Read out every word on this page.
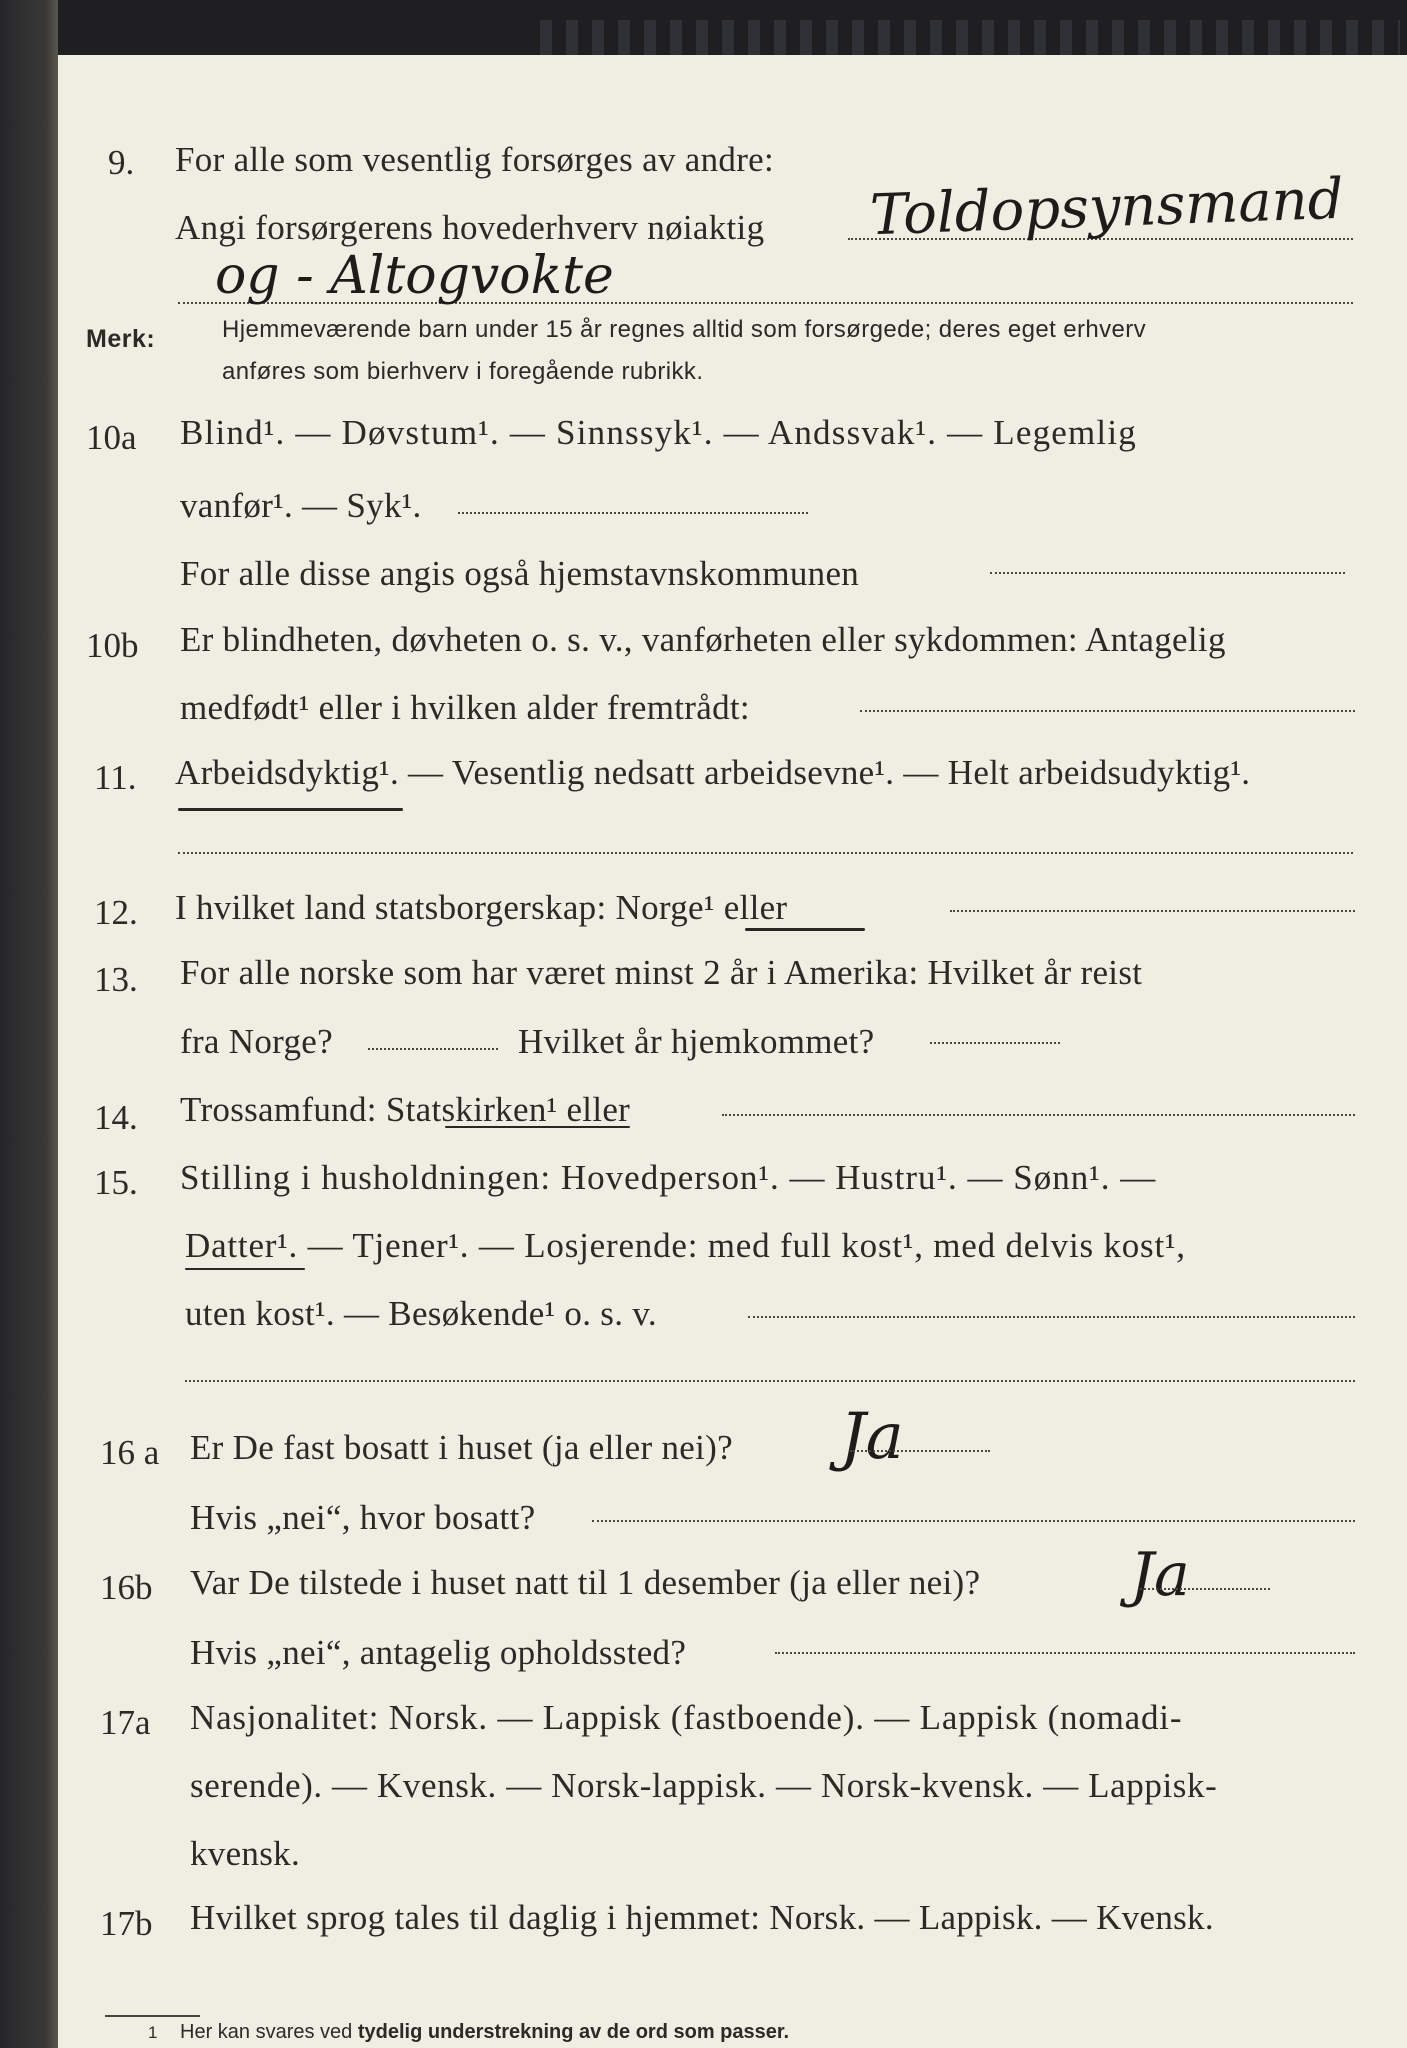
9. For alle som vesentlig forsørges av andre:
Angi forsørgerens hovederhverv nøiaktig Toldopsynsmand
og - Altogvokte
Merk:	Hjemmeværende barn under 15 år regnes alltid som forsørgede; deres eget erhverv
anføres som bierhverv i foregående rubrikk.
10a Blind¹. — Døvstum¹. — Sinnssyk¹. — Andssvak¹. — Legemlig
vanfør¹. — Syk¹.
For alle disse angis også hjemstavnskommunen
10b Er blindheten, døvheten o. s. v., vanførheten eller sykdommen: Antagelig
medfødt¹ eller i hvilken alder fremtrådt:
11. Arbeidsdyktig¹. — Vesentlig nedsatt arbeidsevne¹. — Helt arbeidsudyktig¹.
12. I hvilket land statsborgerskap: Norge¹ eller
13. For alle norske som har været minst 2 år i Amerika: Hvilket år reist
fra Norge?	Hvilket år hjemkommet?
14. Trossamfund: Statskirken¹ eller
15. Stilling i husholdningen: Hovedperson¹. — Hustru¹. — Sønn¹. —
Datter¹. — Tjener¹. — Losjerende: med full kost¹, med delvis kost¹,
uten kost¹. — Besøkende¹ o. s. v.
16 a Er De fast bosatt i huset (ja eller nei)? Ja
Hvis „nei“, hvor bosatt?
16b Var De tilstede i huset natt til 1 desember (ja eller nei)? Ja
Hvis „nei“, antagelig opholdssted?
17a Nasjonalitet: Norsk. — Lappisk (fastboende). — Lappisk (nomadi-
serende). — Kvensk. — Norsk-lappisk. — Norsk-kvensk. — Lappisk-
kvensk.
17b Hvilket sprog tales til daglig i hjemmet: Norsk. — Lappisk. — Kvensk.
1 Her kan svares ved tydelig understrekning av de ord som passer.
